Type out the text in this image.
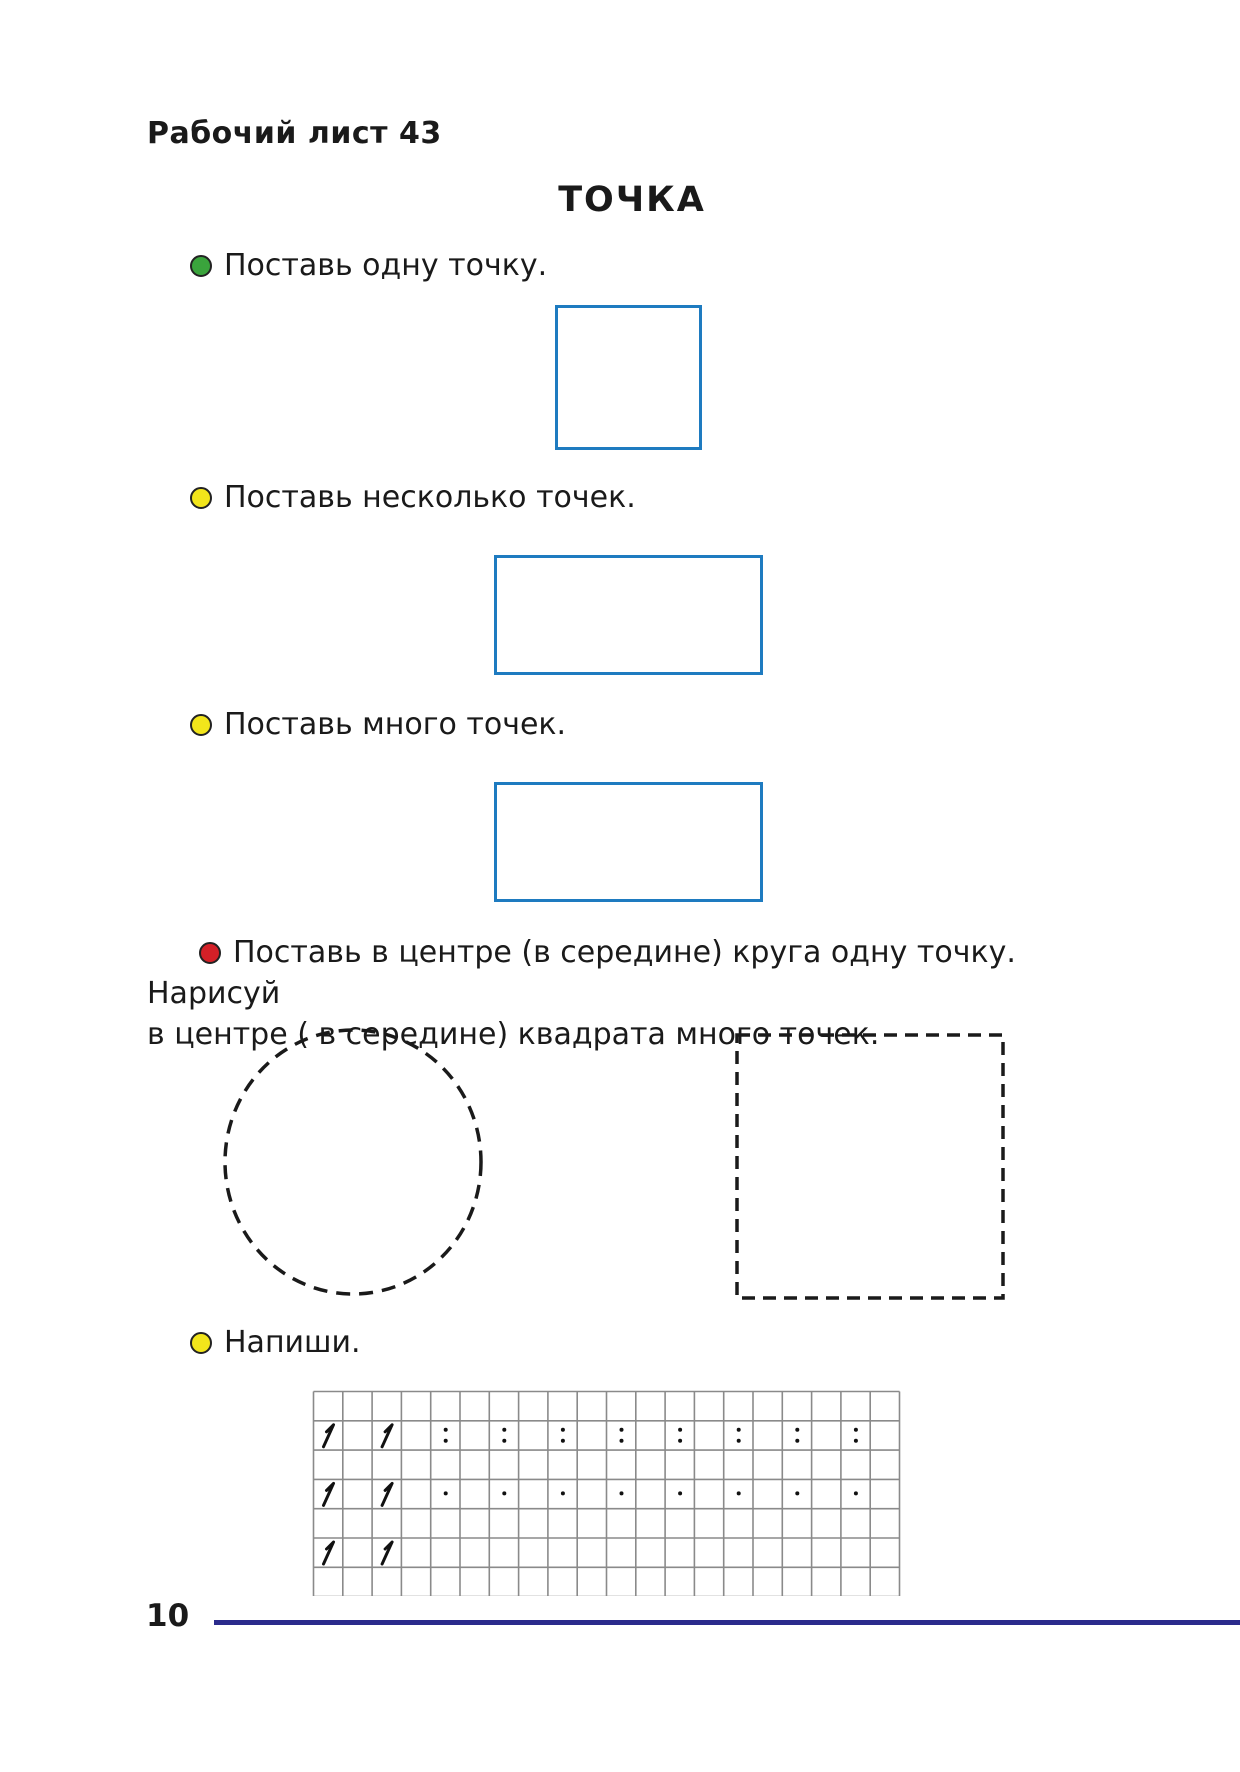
Рабочий лист 43
ТОЧКА
Поставь одну точку.
Поставь несколько точек.
Поставь много точек.
Поставь в центре (в середине) круга одну точку. Нарисуй
в центре ( в середине) квадрата много точек.
Напиши.
10
